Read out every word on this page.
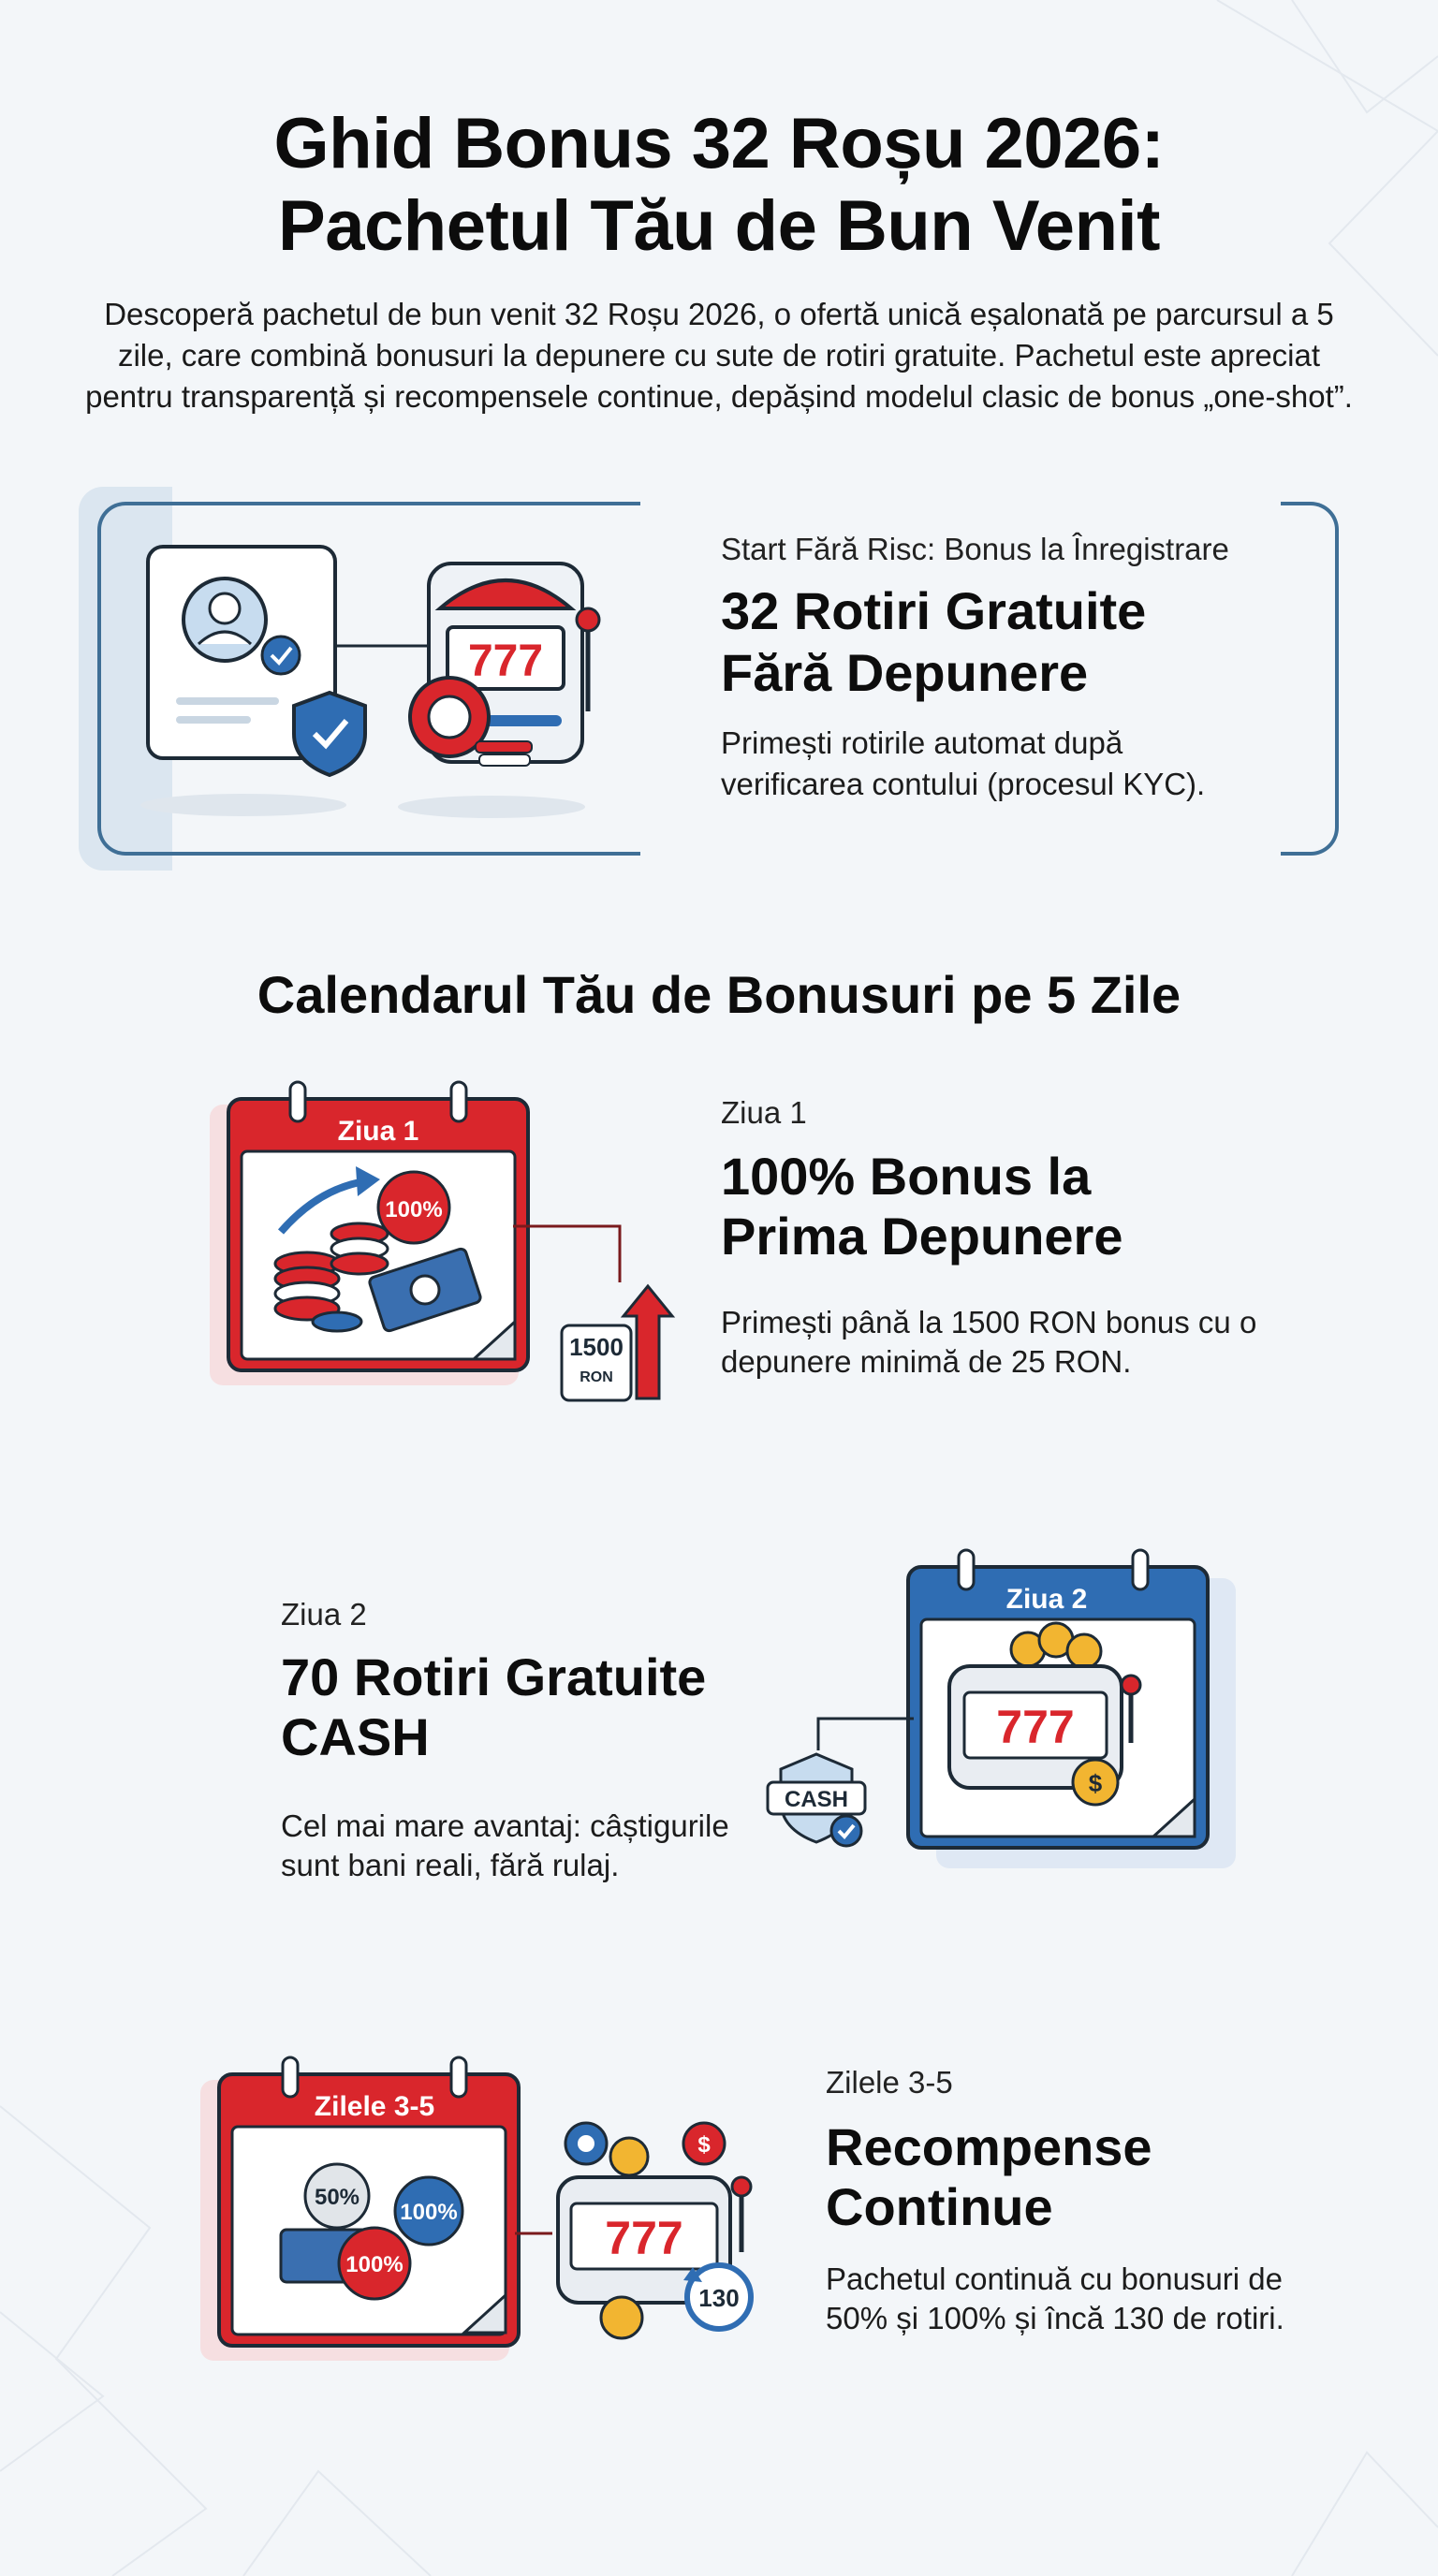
Ghid Bonus 32 Roșu 2026:
Pachetul Tău de Bun Venit

Descoperă pachetul de bun venit 32 Roșu 2026, o ofertă unică eșalonată pe parcursul a 5 zile, care combină bonusuri la depunere cu sute de rotiri gratuite. Pachetul este apreciat pentru transparență și recompensele continue, depășind modelul clasic de bonus „one-shot”.

777
Start Fără Risc: Bonus la Înregistrare
32 Rotiri Gratuite
Fără Depunere
Primești rotirile automat după
verificarea contului (procesul KYC).
Calendarul Tău de Bonusuri pe 5 Zile
Ziua 1
100%
1500
RON
Ziua 1
100% Bonus la
Prima Depunere
Primești până la 1500 RON bonus cu o
depunere minimă de 25 RON.
Ziua 2
70 Rotiri Gratuite
CASH
Cel mai mare avantaj: câștigurile
sunt bani reali, fără rulaj.
Ziua 2
777
$
CASH
Zilele 3-5
50%
100%
100%
$
777
130
Zilele 3-5
Recompense
Continue
Pachetul continuă cu bonusuri de
50% și 100% și încă 130 de rotiri.
